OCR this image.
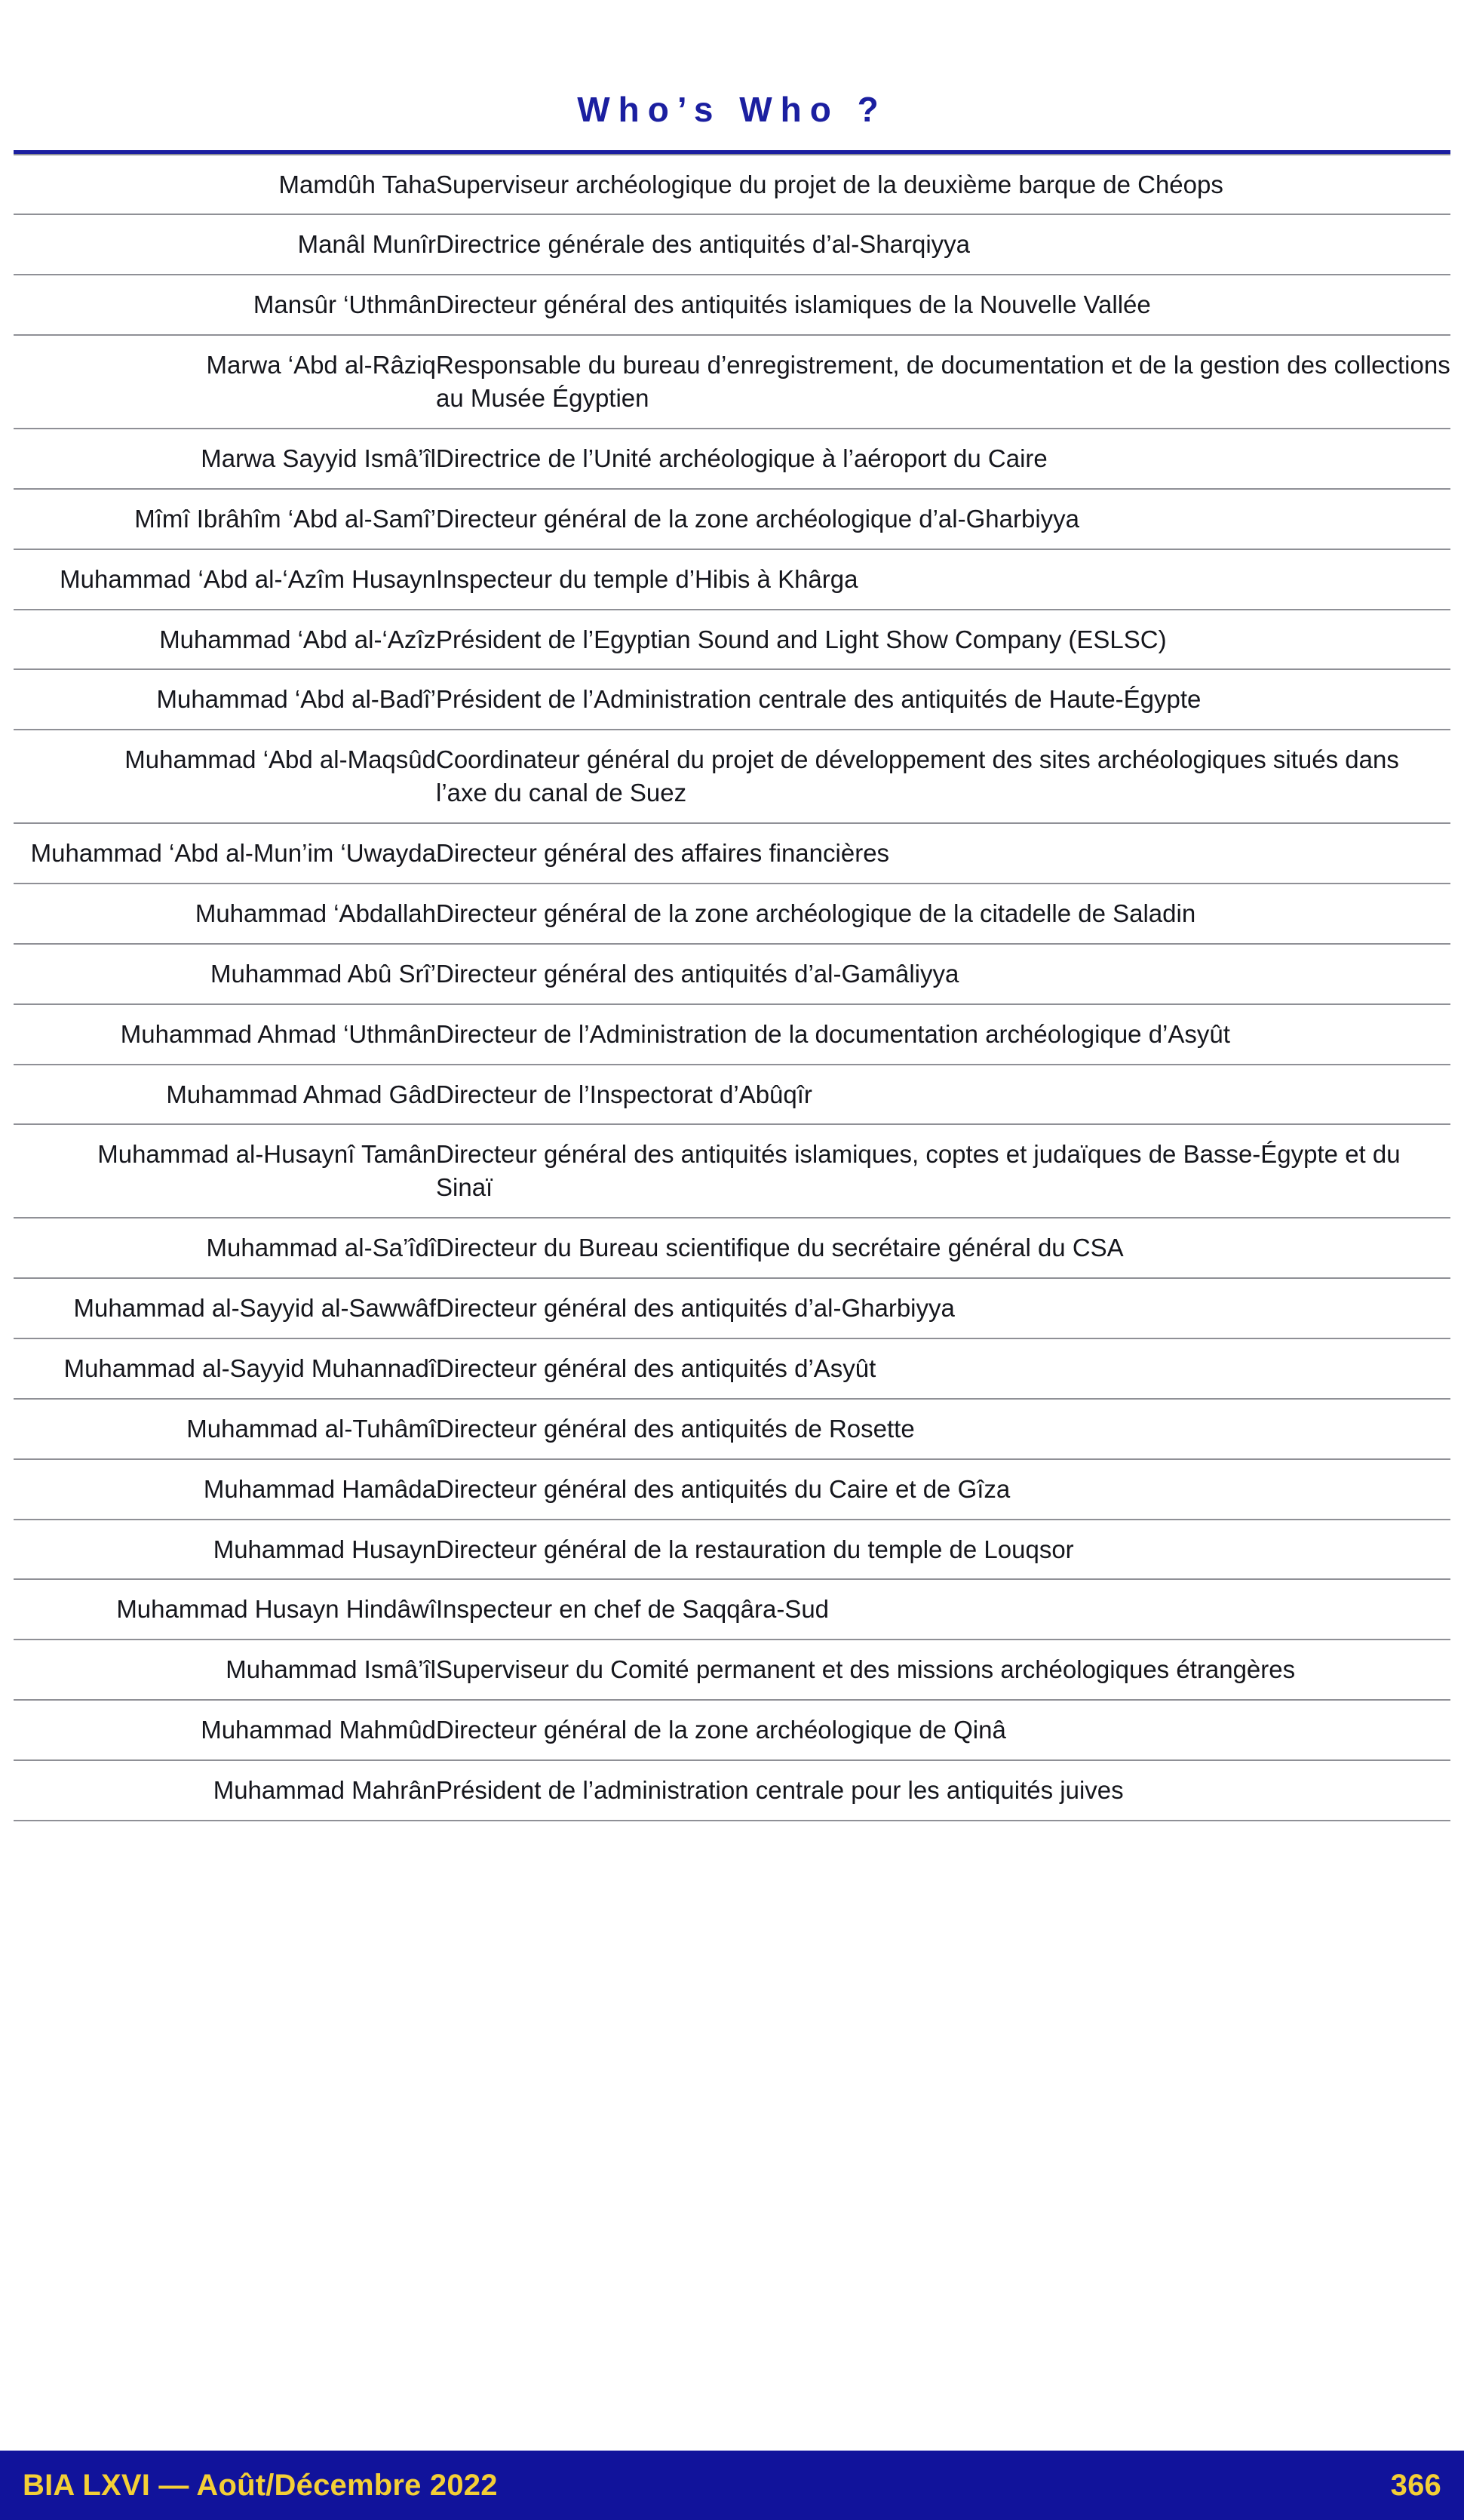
Who’s Who ?
Mamdûh Taha	Superviseur archéologique du projet de la deuxième barque de Chéops
Manâl Munîr	Directrice générale des antiquités d’al-Sharqiyya
Mansûr ‘Uthmân	Directeur général des antiquités islamiques de la Nouvelle Vallée
Marwa ‘Abd al-Râziq	Responsable du bureau d’enregistrement, de documentation et de la gestion des collections au Musée Égyptien
Marwa Sayyid Ismâ’îl	Directrice de l’Unité archéologique à l’aéroport du Caire
Mîmî Ibrâhîm ‘Abd al-Samî’	Directeur général de la zone archéologique d’al-Gharbiyya
Muhammad ‘Abd al-‘Azîm Husayn	Inspecteur du temple d’Hibis à Khârga
Muhammad ‘Abd al-‘Azîz	Président de l’Egyptian Sound and Light Show Company (ESLSC)
Muhammad ‘Abd al-Badî’	Président de l’Administration centrale des antiquités de Haute-Égypte
Muhammad ‘Abd al-Maqsûd	Coordinateur général du projet de développement des sites archéologiques situés dans l’axe du canal de Suez
Muhammad ‘Abd al-Mun’im ‘Uwayda	Directeur général des affaires financières
Muhammad ‘Abdallah	Directeur général de la zone archéologique de la citadelle de Saladin
Muhammad Abû Srî’	Directeur général des antiquités d’al-Gamâliyya
Muhammad Ahmad ‘Uthmân	Directeur de l’Administration de la documentation archéologique d’Asyût
Muhammad Ahmad Gâd	Directeur de l’Inspectorat d’Abûqîr
Muhammad al-Husaynî Tamân	Directeur général des antiquités islamiques, coptes et judaïques de Basse-Égypte et du Sinaï
Muhammad al-Sa’îdî	Directeur du Bureau scientifique du secrétaire général du CSA
Muhammad al-Sayyid al-Sawwâf	Directeur général des antiquités d’al-Gharbiyya
Muhammad al-Sayyid Muhannadî	Directeur général des antiquités d’Asyût
Muhammad al-Tuhâmî	Directeur général des antiquités de Rosette
Muhammad Hamâda	Directeur général des antiquités du Caire et de Gîza
Muhammad Husayn	Directeur général de la restauration du temple de Louqsor
Muhammad Husayn Hindâwî	Inspecteur en chef de Saqqâra-Sud
Muhammad Ismâ’îl	Superviseur du Comité permanent et des missions archéologiques étrangères
Muhammad Mahmûd	Directeur général de la zone archéologique de Qinâ
Muhammad Mahrân	Président de l’administration centrale pour les antiquités juives
BIA LXVI — Août/Décembre 2022	366
